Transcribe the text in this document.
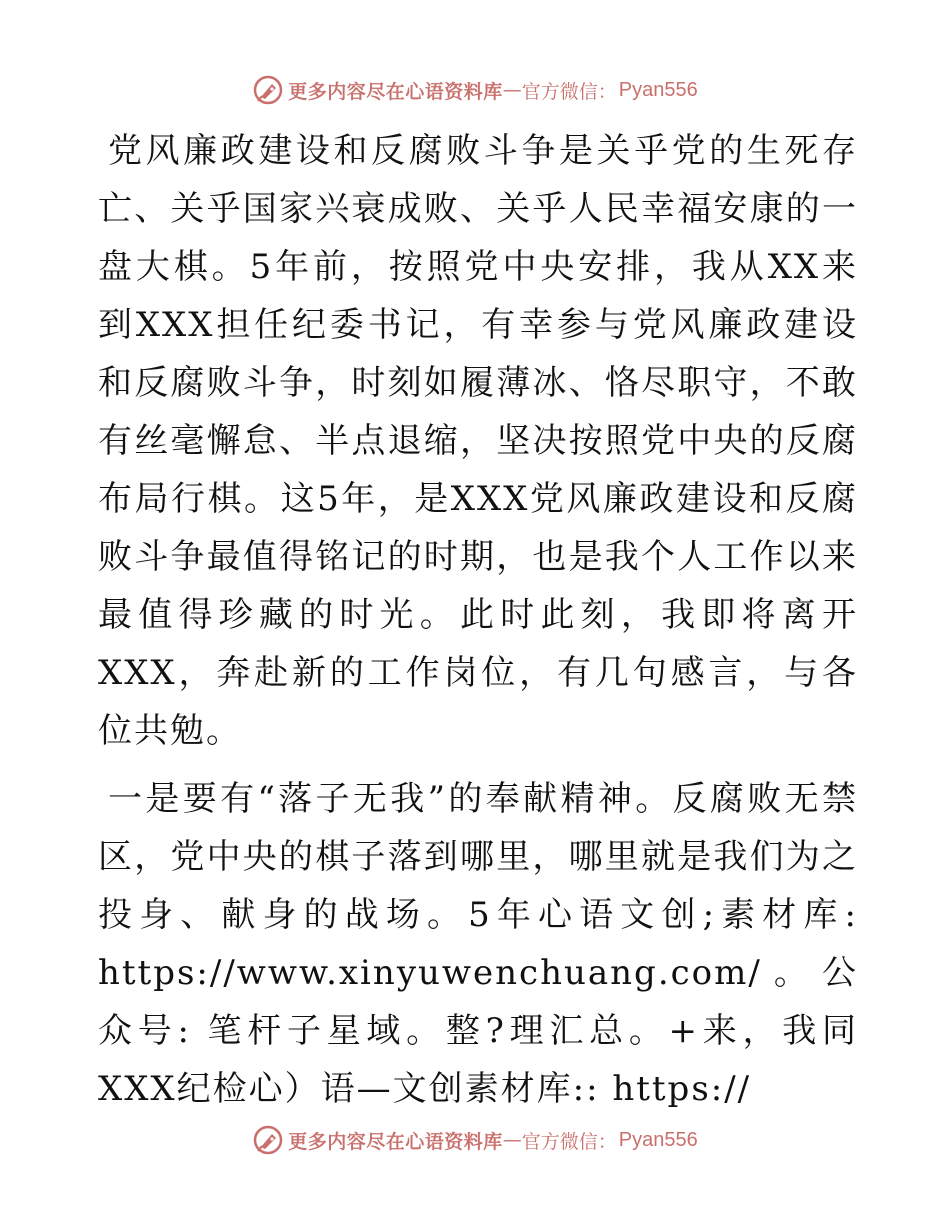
更多内容尽在心语资料库 — 官方微信： Pyan556

党风廉政建设和反腐败斗争是关乎党的生死存亡、关乎国家兴衰成败、关乎人民幸福安康的一盘大棋。5年前，按照党中央安排，我从XX来到XXX担任纪委书记，有幸参与党风廉政建设和反腐败斗争，时刻如履薄冰、恪尽职守，不敢有丝毫懈怠、半点退缩，坚决按照党中央的反腐布局行棋。这5年，是XXX党风廉政建设和反腐败斗争最值得铭记的时期，也是我个人工作以来最值得珍藏的时光。此时此刻，我即将离开XXX，奔赴新的工作岗位，有几句感言，与各位共勉。

一是要有“落子无我”的奉献精神。反腐败无禁区，党中央的棋子落到哪里，哪里就是我们为之投身、献身的战场。5年心语文创;素材库: https://www.xinyuwenchuang.com/。公众号: 笔杆子星域。整?理汇总。+来，我同XXX纪检心）语—文创素材库:: https://

更多内容尽在心语资料库 — 官方微信： Pyan556
